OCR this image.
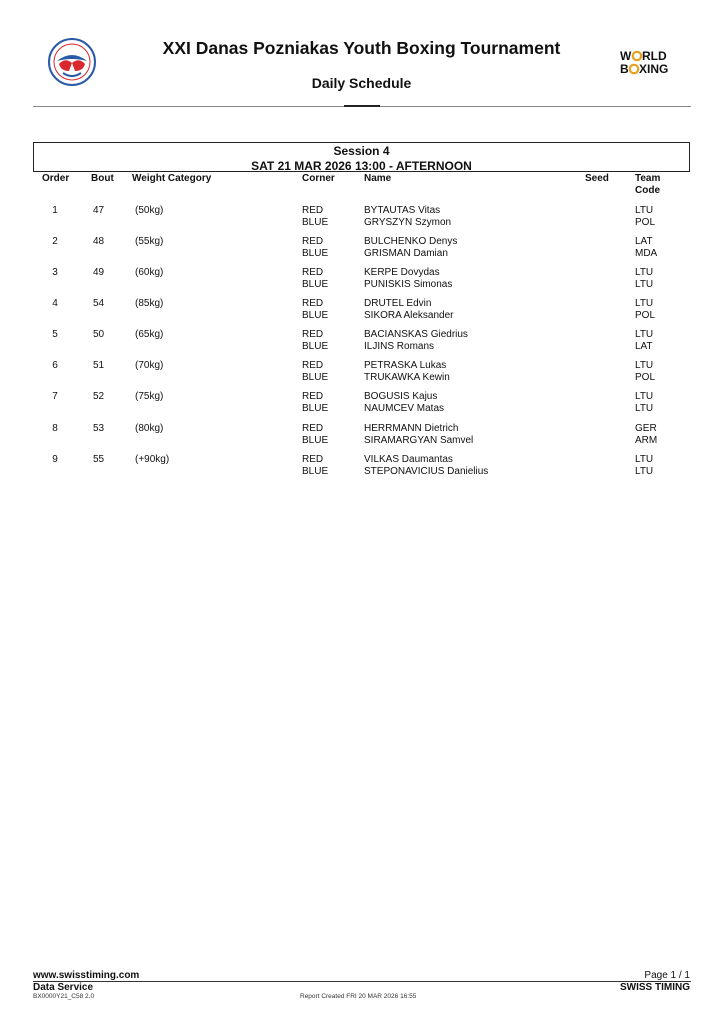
XXI Danas Pozniakas Youth Boxing Tournament
Daily Schedule
W RLD
B XING
Session 4
SAT 21 MAR 2026 13:00 - AFTERNOON
Order Bout Weight Category	Corner	Name	Seed	Team Code
1	47	(50kg)	RED	BYTAUTAS Vitas	LTU
BLUE	GRYSZYN Szymon	POL
2	48	(55kg)	RED	BULCHENKO Denys	LAT
BLUE	GRISMAN Damian	MDA
3	49	(60kg)	RED	KERPE Dovydas	LTU
BLUE	PUNISKIS Simonas	LTU
4	54	(85kg)	RED	DRUTEL Edvin	LTU
BLUE	SIKORA Aleksander	POL
5	50	(65kg)	RED	BACIANSKAS Giedrius	LTU
BLUE	ILJINS Romans	LAT
6	51	(70kg)	RED	PETRASKA Lukas	LTU
BLUE	TRUKAWKA Kewin	POL
7	52	(75kg)	RED	BOGUSIS Kajus	LTU
BLUE	NAUMCEV Matas	LTU
8	53	(80kg)	RED	HERRMANN Dietrich	GER
BLUE	SIRAMARGYAN Samvel	ARM
9	55	(+90kg)	RED	VILKAS Daumantas	LTU
BLUE	STEPONAVICIUS Danielius	LTU
www.swisstiming.com	Page 1 / 1
Data Service	SWISS TIMING
BX0000Y21_C58 2.0	Report Created FRI 20 MAR 2026 16:55
